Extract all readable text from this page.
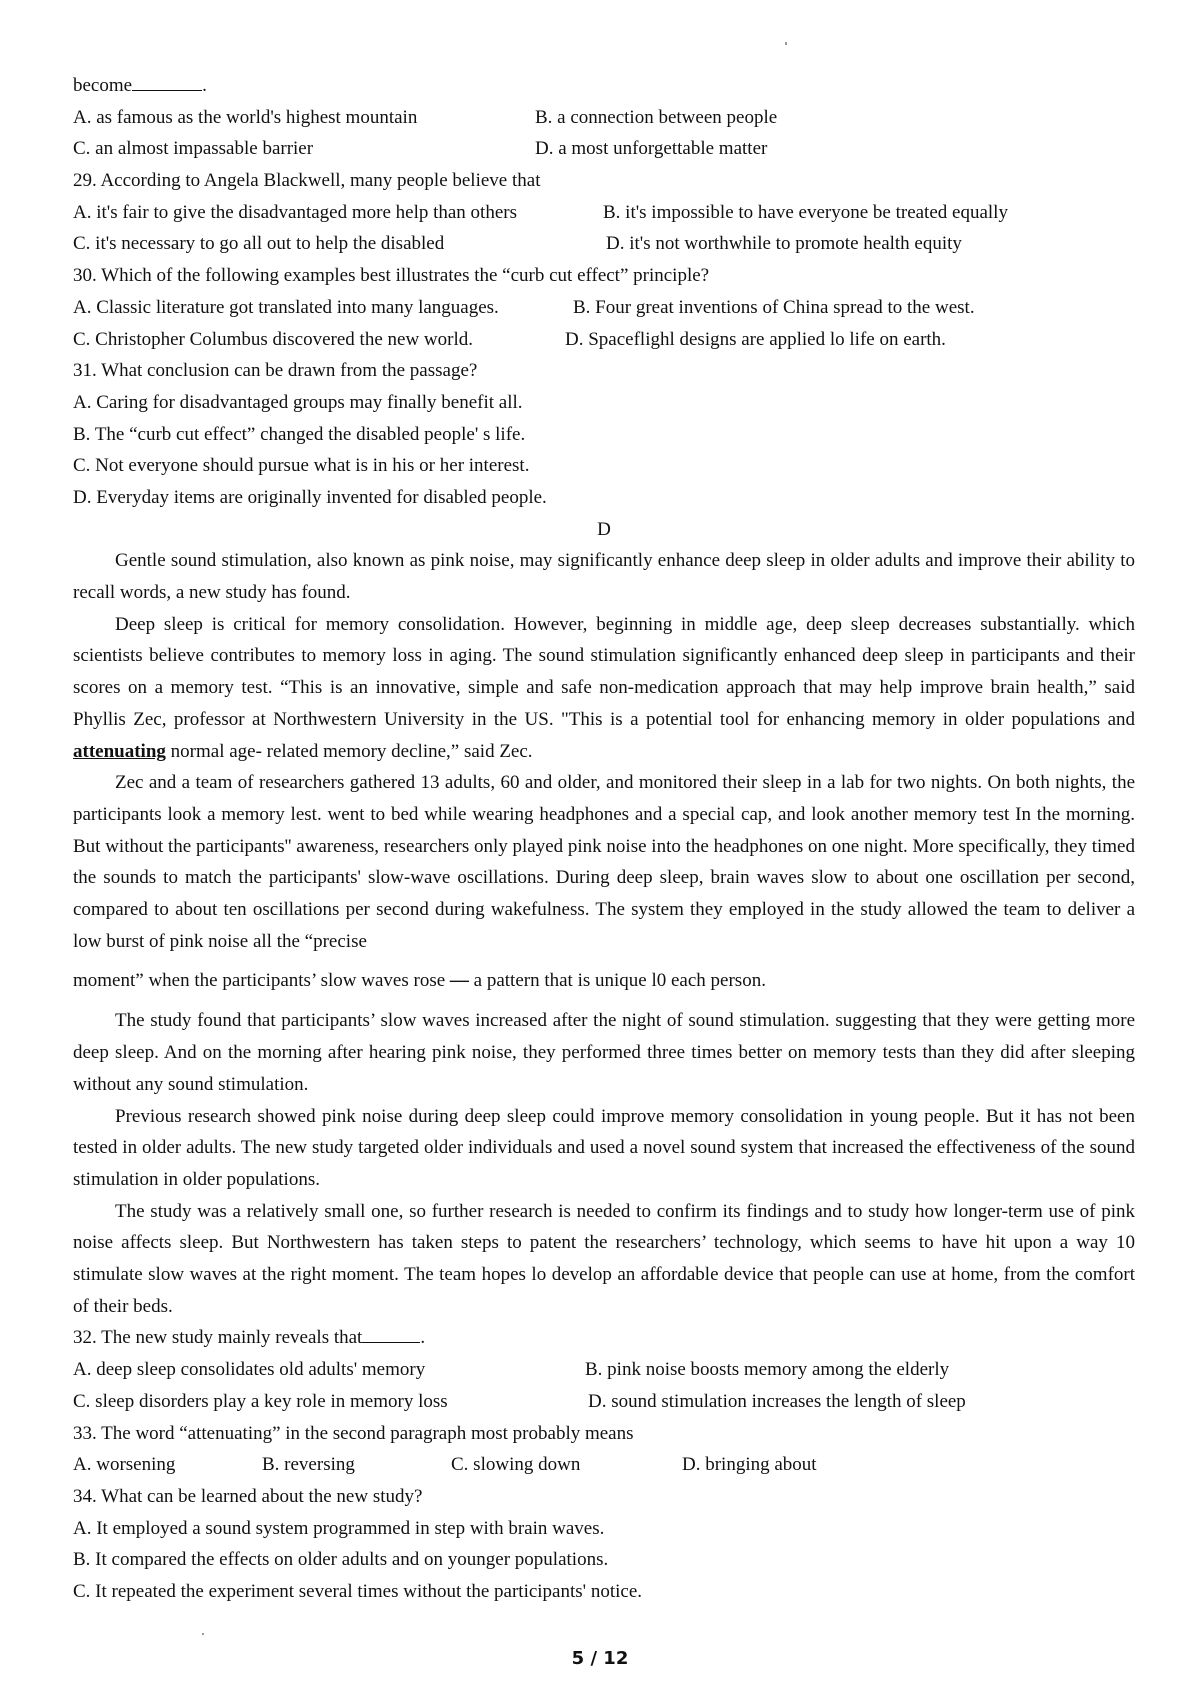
become	.
A. as famous as the world's highest mountain	B. a connection between people
C. an almost impassable barrier	D. a most unforgettable matter
29. According to Angela Blackwell, many people believe that
A. it's fair to give the disadvantaged more help than others	B. it's impossible to have everyone be treated equally
C. it's necessary to go all out to help the disabled	D. it's not worthwhile to promote health equity
30. Which of the following examples best illustrates the “curb cut effect” principle?
A. Classic literature got translated into many languages.	B. Four great inventions of China spread to the west.
C. Christopher Columbus discovered the new world.	D. Spaceflighl designs are applied lo life on earth.
31. What conclusion can be drawn from the passage?
A. Caring for disadvantaged groups may finally benefit all.
B. The “curb cut effect” changed the disabled people' s life.
C. Not everyone should pursue what is in his or her interest.
D. Everyday items are originally invented for disabled people.
D

Gentle sound stimulation, also known as pink noise, may significantly enhance deep sleep in older adults and improve their ability to recall words, a new study has found.

Deep sleep is critical for memory consolidation. However, beginning in middle age, deep sleep decreases substantially. which scientists believe contributes to memory loss in aging. The sound stimulation significantly enhanced deep sleep in participants and their scores on a memory test. “This is an innovative, simple and safe non-medication approach that may help improve brain health,” said Phyllis Zec, professor at Northwestern University in the US. "This is a potential tool for enhancing memory in older populations and attenuating normal age- related memory decline,” said Zec.

Zec and a team of researchers gathered 13 adults, 60 and older, and monitored their sleep in a lab for two nights. On both nights, the participants look a memory lest. went to bed while wearing headphones and a special cap, and look another memory test In the morning. But without the participants'' awareness, researchers only played pink noise into the headphones on one night. More specifically, they timed the sounds to match the participants' slow-wave oscillations. During deep sleep, brain waves slow to about one oscillation per second, compared to about ten oscillations per second during wakefulness. The system they employed in the study allowed the team to deliver a low burst of pink noise all the “precise

moment” when the participants’ slow waves rose — a pattern that is unique l0 each person.

The study found that participants’ slow waves increased after the night of sound stimulation. suggesting that they were getting more deep sleep. And on the morning after hearing pink noise, they performed three times better on memory tests than they did after sleeping without any sound stimulation.

Previous research showed pink noise during deep sleep could improve memory consolidation in young people. But it has not been tested in older adults. The new study targeted older individuals and used a novel sound system that increased the effectiveness of the sound stimulation in older populations.

The study was a relatively small one, so further research is needed to confirm its findings and to study how longer-term use of pink noise affects sleep. But Northwestern has taken steps to patent the researchers’ technology, which seems to have hit upon a way 10 stimulate slow waves at the right moment. The team hopes lo develop an affordable device that people can use at home, from the comfort of their beds.

32. The new study mainly reveals that	.
A. deep sleep consolidates old adults' memory	B. pink noise boosts memory among the elderly
C. sleep disorders play a key role in memory loss	D. sound stimulation increases the length of sleep
33. The word “attenuating” in the second paragraph most probably means
A. worsening	B. reversing	C. slowing down	D. bringing about
34. What can be learned about the new study?
A. It employed a sound system programmed in step with brain waves.
B. It compared the effects on older adults and on younger populations.
C. It repeated the experiment several times without the participants' notice.
5 / 12
